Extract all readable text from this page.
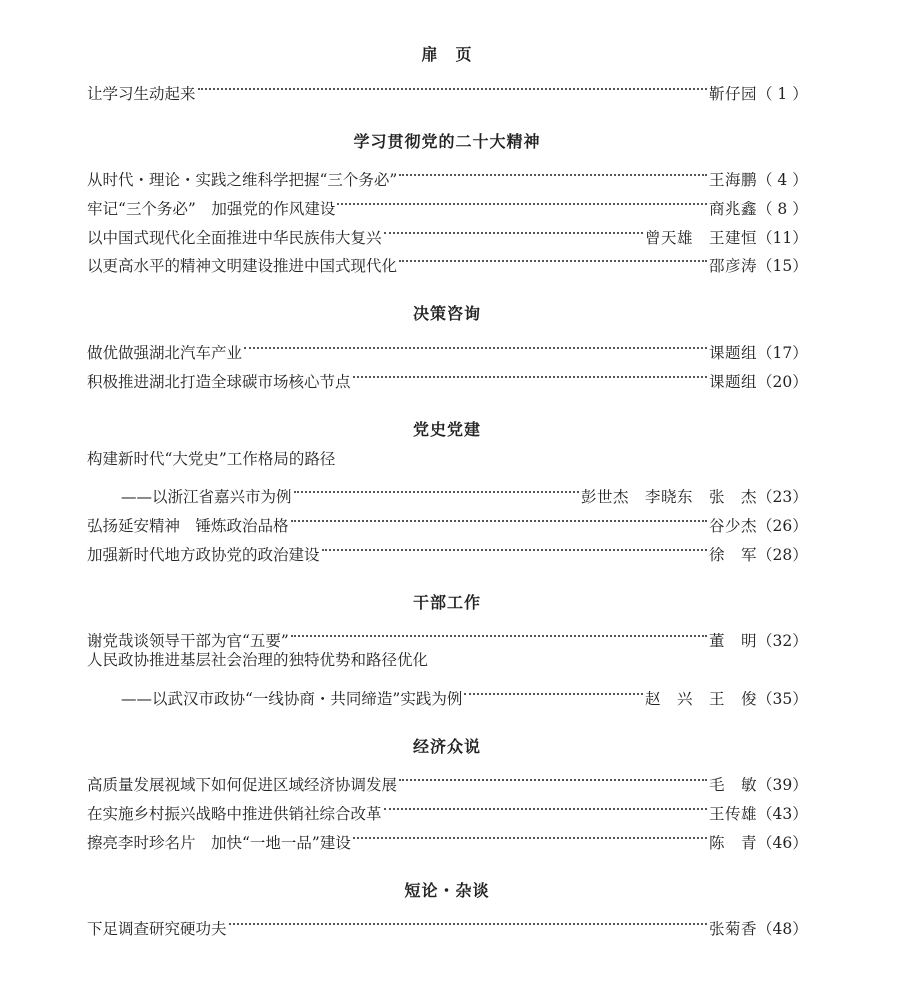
扉　页
让学习生动起来	靳仔园 （ 1 ）
学习贯彻党的二十大精神
从时代・理论・实践之维科学把握“三个务必”	王海鹏 （ 4 ）
牢记“三个务必”　加强党的作风建设	商兆鑫 （ 8 ）
以中国式现代化全面推进中华民族伟大复兴	曾天雄　王建恒 （11）
以更高水平的精神文明建设推进中国式现代化	邵彦涛 （15）
决策咨询
做优做强湖北汽车产业	课题组 （17）
积极推进湖北打造全球碳市场核心节点	课题组 （20）
党史党建
构建新时代“大党史”工作格局的路径
——以浙江省嘉兴市为例	彭世杰　李晓东　张　杰 （23）
弘扬延安精神　锤炼政治品格	谷少杰 （26）
加强新时代地方政协党的政治建设	徐　军 （28）
干部工作
谢党哉谈领导干部为官“五要”	董　明 （32）
人民政协推进基层社会治理的独特优势和路径优化
——以武汉市政协“一线协商・共同缔造”实践为例	赵　兴　王　俊 （35）
经济众说
高质量发展视域下如何促进区域经济协调发展	毛　敏 （39）
在实施乡村振兴战略中推进供销社综合改革	王传雄 （43）
擦亮李时珍名片　加快“一地一品”建设	陈　青 （46）
短论・杂谈
下足调查研究硬功夫	张菊香 （48）
